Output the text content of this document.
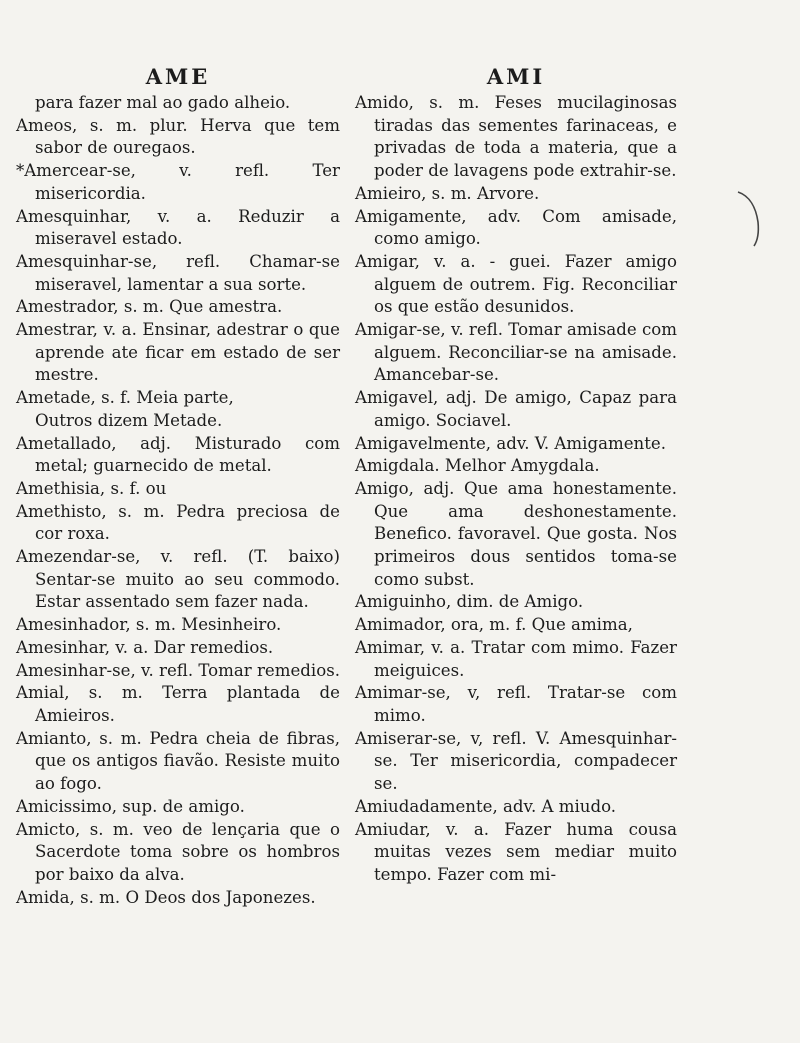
AME
para fazer mal ao gado alheio.
Ameos, s. m. plur. Herva que tem sabor de ouregaos.
*Amercear-se, v. refl. Ter misericordia.
Amesquinhar, v. a. Reduzir a miseravel estado.
Amesquinhar-se, refl. Chamar-se miseravel, lamentar a sua sorte.
Amestrador, s. m. Que amestra.
Amestrar, v. a. Ensinar, adestrar o que aprende ate ficar em estado de ser mestre.
Ametade, s. f. Meia parte,
Outros dizem Metade.
Ametallado, adj. Misturado com metal; guarnecido de metal.
Amethisia, s. f. ou
Amethisto, s. m. Pedra preciosa de cor roxa.
Amezendar-se, v. refl. (T. baixo) Sentar-se muito ao seu commodo. Estar assentado sem fazer nada.
Amesinhador, s. m. Mesinheiro.
Amesinhar, v. a. Dar remedios.
Amesinhar-se, v. refl. Tomar remedios.
Amial, s. m. Terra plantada de Amieiros.
Amianto, s. m. Pedra cheia de fibras, que os antigos fiavão. Resiste muito ao fogo.
Amicissimo, sup. de amigo.
Amicto, s. m. veo de lençaria que o Sacerdote toma sobre os hombros por baixo da alva.
Amida, s. m. O Deos dos Japonezes.
AMI
Amido, s. m. Feses mucilaginosas tiradas das sementes farinaceas, e privadas de toda a materia, que a poder de lavagens pode extrahir-se.
Amieiro, s. m. Arvore.
Amigamente, adv. Com amisade, como amigo.
Amigar, v. a. - guei. Fazer amigo alguem de outrem. Fig. Reconciliar os que estão desunidos.
Amigar-se, v. refl. Tomar amisade com alguem. Reconciliar-se na amisade. Amancebar-se.
Amigavel, adj. De amigo, Capaz para amigo. Sociavel.
Amigavelmente, adv. V. Amigamente.
Amigdala. Melhor Amygdala.
Amigo, adj. Que ama honestamente. Que ama deshonestamente. Benefico. favoravel. Que gosta. Nos primeiros dous sentidos toma-se como subst.
Amiguinho, dim. de Amigo.
Amimador, ora, m. f. Que amima,
Amimar, v. a. Tratar com mimo. Fazer meiguices.
Amimar-se, v, refl. Tratar-se com mimo.
Amiserar-se, v, refl. V. Amesquinhar-se. Ter misericordia, compadecer se.
Amiudadamente, adv. A miudo.
Amiudar, v. a. Fazer huma cousa muitas vezes sem mediar muito tempo. Fazer com mi-
